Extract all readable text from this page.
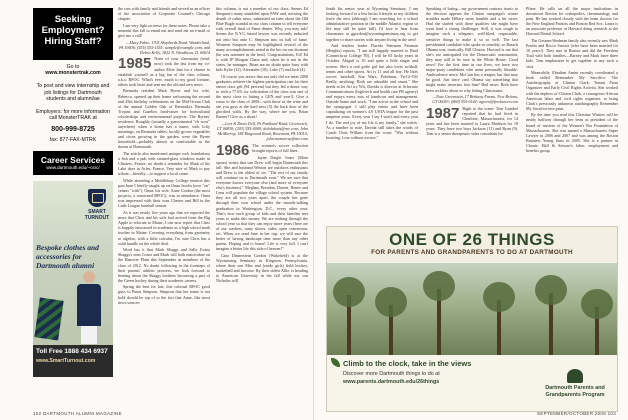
Seeking Employment? Hiring Staff?
Go to
www.monstertrak.com

To post and view internship and job listings for Dartmouth students and alumni/ae

Employers: for more information call MonsterTRAK at
800-999-8725
fax: 877-FAX-MTRK
Career Services
www.dartmouth.edu/~csrc/
SMART TURNOUT
Bespoke clothes and accessories for Dartmouth alumni
Toll Free 1888 434 6937
www.SmartTurnout.com

the cars with family and friends and served as an officer of the association of Corporate Counsel's Chicago chapter.

I am very light on news for these notes. Please take a moment this fall to email me and send me an e-mail or give me a call!

—Mary Fabre, 1703 Shepherds Road, Wonderland, PA 19406; (555) 555-1555; sample@example.com, and Debra Kelly, 1822 N. Woodlawn, IL 60614

1985 None of your classmates (read: now) took the last from my co-author Elsie Jain for a chance to establish yourself as a big fan of the class column, a.k.a. BFOC. What's ever, much to my good fortune, others took heart and sent me the old and new news.

Bermuda resident Mark Byrne and his wife, Rebecca, opened up their home welcoming the second and 45th birthday celebrations on the Mid-Ocean Club at the annual Golden Oak of Bermuda's Bermuda Trojans and Gazebos fund-raiser for horticultural scholarships and environmental projects. The Byrnes' residence, Roughly (actually a guesstimated "eh wow" anywhere) when a home has a name, with lofty meanings, on Bermuda tables, locally grown vegetables and citrus growing in the garden, were the Byrne household—probably almost as comfortable as the dorms at Dartmouth.

The article also mentioned antique rock foundations a fish and a pub with stained-glass windows made in Chartres, France; no doubt a reminder for Mark of his Lake days in Arles, France. Very nice of Mark to pay tribute—literally—to support a local cause.

While attending a Middlebury College reunion this past June I briefly caught up on Onna Jacobs (now "on" census "with"). Onna, his wife, Anne Gordon (the most projects, a renowned BFOC), was in attendance. Onna was impressed with their sons Chester and Bill in the Little League baseball season.

As it was nearly five years ago that we reported the news that Chris and his wife had arrived from the Big Apple to relocate to Maine, I can now report that Chris is happily ensconced in academia as a high school math teacher in Maine. Covering everything from geometry to algebra, with a little calculus, I'm sure Chris has a solid handle on the whole deal.

Word has it that Mark Skaggs and Sally Evans Skaggs's sons Conor and Mark will both matriculate on the Hanover Plain this September as members of the class of 2012. No doubt following in the footsteps of their parents' athletic prowess, we look forward to hearing about the Skaggs brothers becoming a part of the Green hockey during their academic careers.

Spring the best for last, this colossal BFOC good guys to Brian Simpson. Simpson that her name is not bold should be top of to the fact that Anne, like most news sources

this column, is not a member of our class. Seems Ed Simpson's many stumbled upon PAW and, noticing the dearth of cabin news, submitted an item about the Old Blue Bugle scandal in our class column to tell everyone with overall final of Fame dinner. Why, you may ask? Seems the N.Y.C.-based lawyer was recently inducted not onto but onto C. Simpson into its hall of fame. Womens Simpson may be highlighted several of the many accomplishments noted in the bio on our dormant (he was nominee in the best). Congratulations, Ed! Ed is with JP Morgan Chase and, when he is not in the states, he manages. Brian are no doubt quite busy with kids Kylie (12), Alexander (10), Luke (7) and Jack (4).

Of course you notice that not only did we meet 2008 graduates achieve the highest participation rate for their senior class gift (94 percent) but they led a donor way to with a 77.6% for solicitation of the class was one of the most close to hitting a GEN and year!). Give a rouse to the class of 2008—with those in the wine and see you guys at the hard next (5) the back door of the glorified walls. By the way, where are you, Brian Barnes? Give us a shout!

—Lori & Davis Dell, Pz Parkland Road, Greenwich, CT 06830; (203) 555-0000; dolnbdavis@me.com; John McMurray, 188 Ringwood Road, Rosemont, PA 19010; john.mcmurray@me.com

1986 The women's soccer collection brought reports of full lines.

Jayne Daigle Jones (Mom sports) writes that sun Drew will begin Dartmouth this fall. She and husband Weston are outdoors enthusiasts and Drew is the oldest of six. "The rest of our family will continue on to Dartmouth soon." We are sure that everyone knows everyone else (and more of everyone else's business)." Meghan, Brendan, Darren, Renee and Lena will populate the village school system. Because they are all two years apart, the couple has gone through their own school under the smooth-talking graduation in Washington, D.C., every other year. That's how each group of kids and their families met years to make this money. We are rushing through the school year so that they can enjoy more years (here are of our washers, rainy shows, sides, open concession, etc. When we send Jane in her trip, we will sure the better of having landscape time more than any other parent. Hoping and to home! Life is very full. I can't imagine a better life this side of heaven!"

Gina Dinnerstein Gordon (Wakefield) is at the Wyomissing Seminary in Kingston, Pennsylvania, where their son Max and (ready girls) field hockey, basketball and lacrosse. By their oldest Allie, is heading to American University in the fall while my son Nicholas will

102 DARTMOUTH ALUMNI MAGAZINE

finish his senior year at Wyoming Seminary. I am looking forward to a less hectic lifestyle as my children leave the nest (although I am searching for a school administrative position in the middle Atlantic region so life may still be quite full). I'd love to hear from classmates at ggordon@wyomingseminary.org to get together to share stories with anyone living in the area!

And fearless leader Davida Sherman Fairman (Heights) reports, "I am still happily married to Brad (Connecticut College '85). I will be 65 lucky years in October. Abigail is 10 and quite a little singer and actress. She's a real girlie girl but also loves softball, tennis and other sports. Ari is 11 and all boy. He likes soccer, baseball, Star Wars, Pokémon, Yu-Gi-Oh! Really, anything. Both are adorable and smart." She needs to let Ari try Wii, Davida is director at Schwartz Communications (high-tech and health care PR agency) and enjoys every mix of hands-on and management. Outside home and work, "I am active in the school and the synagogue. I still play tennis and have been capitalizing on women's 4.0 USTA league for the past umpteen years. Every year I say I won't and every year I do. The real joy of my life is my family," she writes. As a number to note, Davida still takes the words of Coach Chris Wilkins from the court: "Win without boasting. Lose without excuse."

Speaking of losing—my government contract ironic to the election appears the Clinton campaign's winter troubles made Hillary more humble and a bit wiser. Had she started with these qualities she might have went hard a strong challenger. Still, it was tough to imagine such a telegenic, well-liked, respectable, sensitive things to make it so so well. The last presidential candidate who spoke so sensibly, so Barack Obama was, ironically, Bill Clinton. Harvard is rue that she's too anticipated for the Democratic nomination, they may still to be sure in the White House. Good news! For the first time in our lives, we have two major-party candidates who seem personally likeable. Ambivalence news: McCain has a temper, but that may be good. Just since can't Obama say something that might make terrorists fear him? Bad news: Both have been reckless about so why letting Clintonians.

—Nate Greenstein, 17 Brittany Farms, New Britain, CT 06053; (860) 555-0144; ngreen@freelancer.com

1987 Right to the scene: Tom Gumbel reported that he had lived in Charlotte, Massachusetts, for 14 years and has been married to Laura Madison for 18 years. They have two boys Jackson (11) and Ryan (9). Tom is a senior therapeutic sales consultant for

Pfizer. He calls on all the major institutions in downtown Boston for orthopedics, rheumatology and pain. He has worked closely with the team doctors for the New England Patriots and Boston Red Sox. Laura is an associate professor at Harvard doing research at the Harvard Dental School.

The Gessner/Stedman family also recently saw Mark Poulin and Rocco Sarsior (who have been married for 10 years!). They met in Boston and did the Freedom Trail with both families—Barney and Mark have three kids. Tom emphasizes to get together at any such a visit.

Meanwhile, Ebrahim Amini recently coordinated a book called Remember My Sacrifice: The Autobiography of Clinton Clark, Tenant Farm Organizer and Early Civil Rights Activist. She worked with the nephew of Clinton Clark, a courageous African American labor and civil rights organizer, to bring Clark's previously unknown autobiography Remember My Sacrifice into print.

By the time you read this Christine Winters will be nearly halfway through her term as president of the board of trustees of the Women's Bar Foundation of Massachusetts. She was named a Massachusetts Super Lawyer in 2006 and 2007 and was among the Boston Business Young Stars in 2005. She is a partner in Choate, Hall & Stewart's labor, employment and benefits group.

ONE OF 26 THINGS
FOR PARENTS AND GRANDPARENTS TO DO AT DARTMOUTH
Climb to the clock, take in the views
Discover more Dartmouth things to do at
www.parents.dartmouth.edu/26things
Dartmouth Parents and Grandparents Program
SEPTEMBER/OCTOBER 2008 103
